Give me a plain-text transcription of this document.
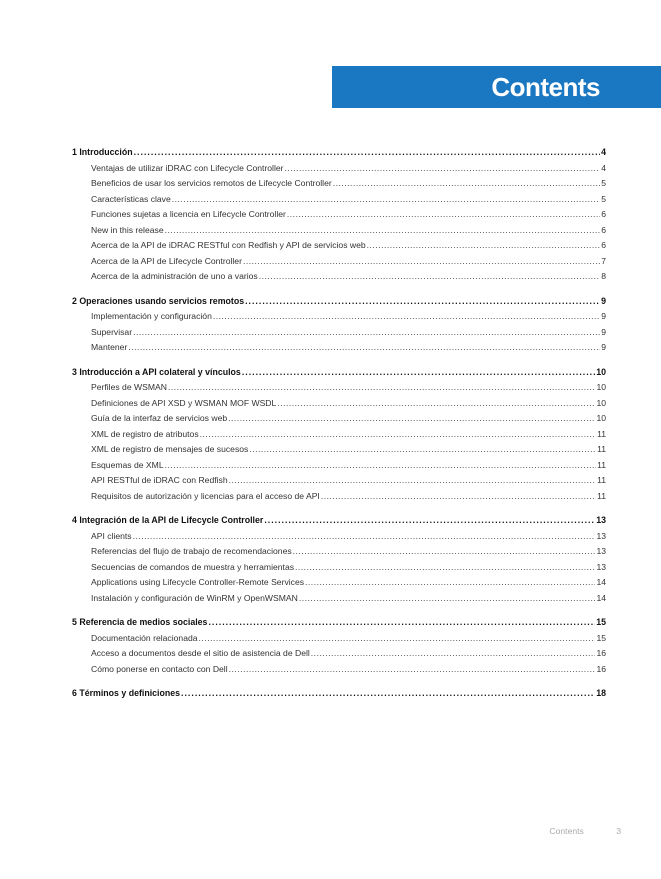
Contents
1 Introducción .....	4
Ventajas de utilizar iDRAC con Lifecycle Controller .....	4
Beneficios de usar los servicios remotos de Lifecycle Controller .....	5
Características clave .....	5
Funciones sujetas a licencia en Lifecycle Controller .....	6
New in this release .....	6
Acerca de la API de iDRAC RESTful con Redfish y API de servicios web .....	6
Acerca de la API de Lifecycle Controller .....	7
Acerca de la administración de uno a varios .....	8
2 Operaciones usando servicios remotos .....	9
Implementación y configuración .....	9
Supervisar .....	9
Mantener .....	9
3 Introducción a API colateral y vínculos .....	10
Perfiles de WSMAN .....	10
Definiciones de API XSD y WSMAN MOF WSDL .....	10
Guía de la interfaz de servicios web .....	10
XML de registro de atributos .....	11
XML de registro de mensajes de sucesos .....	11
Esquemas de XML .....	11
API RESTful de iDRAC con Redfish .....	11
Requisitos de autorización y licencias para el acceso de API .....	11
4 Integración de la API de Lifecycle Controller .....	13
API clients .....	13
Referencias del flujo de trabajo de recomendaciones .....	13
Secuencias de comandos de muestra y herramientas .....	13
Applications using Lifecycle Controller-Remote Services .....	14
Instalación y configuración de WinRM y OpenWSMAN .....	14
5 Referencia de medios sociales .....	15
Documentación relacionada .....	15
Acceso a documentos desde el sitio de asistencia de Dell .....	16
Cómo ponerse en contacto con Dell .....	16
6 Términos y definiciones .....	18
Contents	3
